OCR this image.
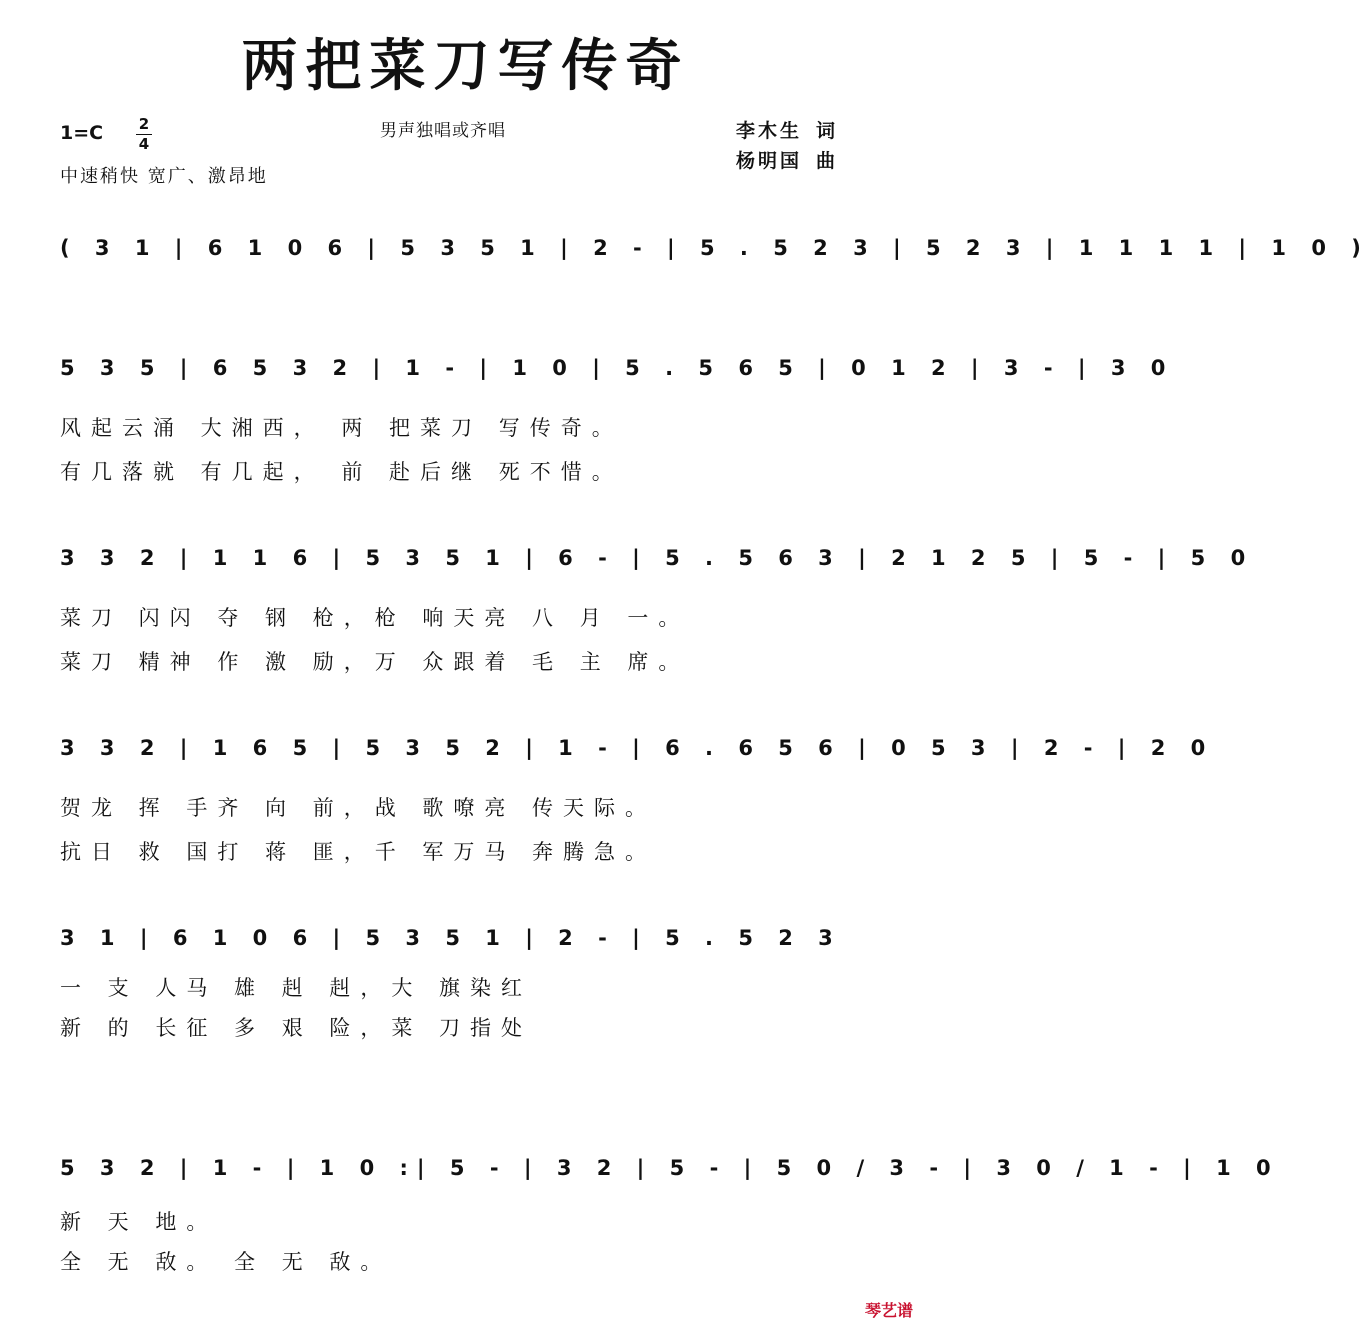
两把菜刀写传奇
男声独唱或齐唱
1=C	2
4
中速稍快 宽广、激昂地
李木生 词
杨明国 曲
( 3 1 | 6 1 0 6 | 5 3 5 1 | 2 - | 5 . 5 2 3 | 5 2 3 | 1 1 1 1 | 1 0 )
5 3 5 | 6 5 3 2 | 1 - | 1 0 | 5 . 5 6 5 | 0 1 2 | 3 - | 3 0
风起云涌 大湘西， 两 把菜刀 写传奇。
有几落就 有几起， 前 赴后继 死不惜。
3 3 2 | 1 1 6 | 5 3 5 1 | 6 - | 5 . 5 6 3 | 2 1 2 5 | 5 - | 5 0
菜刀 闪闪 夺 钢 枪，枪 响天亮 八 月 一。
菜刀 精神 作 激 励，万 众跟着 毛 主 席。
3 3 2 | 1 6 5 | 5 3 5 2 | 1 - | 6 . 6 5 6 | 0 5 3 | 2 - | 2 0
贺龙 挥 手齐 向 前，战 歌嘹亮 传天际。
抗日 救 国打 蒋 匪，千 军万马 奔腾急。
3 1 | 6 1 0 6 | 5 3 5 1 | 2 - | 5 . 5 2 3
一 支 人马 雄 赳 赳，大 旗染红
新 的 长征 多 艰 险，菜 刀指处
5 3 2 | 1 - | 1 0 :| 5 - | 3 2 | 5 - | 5 0 / 3 - | 3 0 / 1 - | 1 0
新 天 地。
全 无 敌。 全 无 敌。
琴艺谱
